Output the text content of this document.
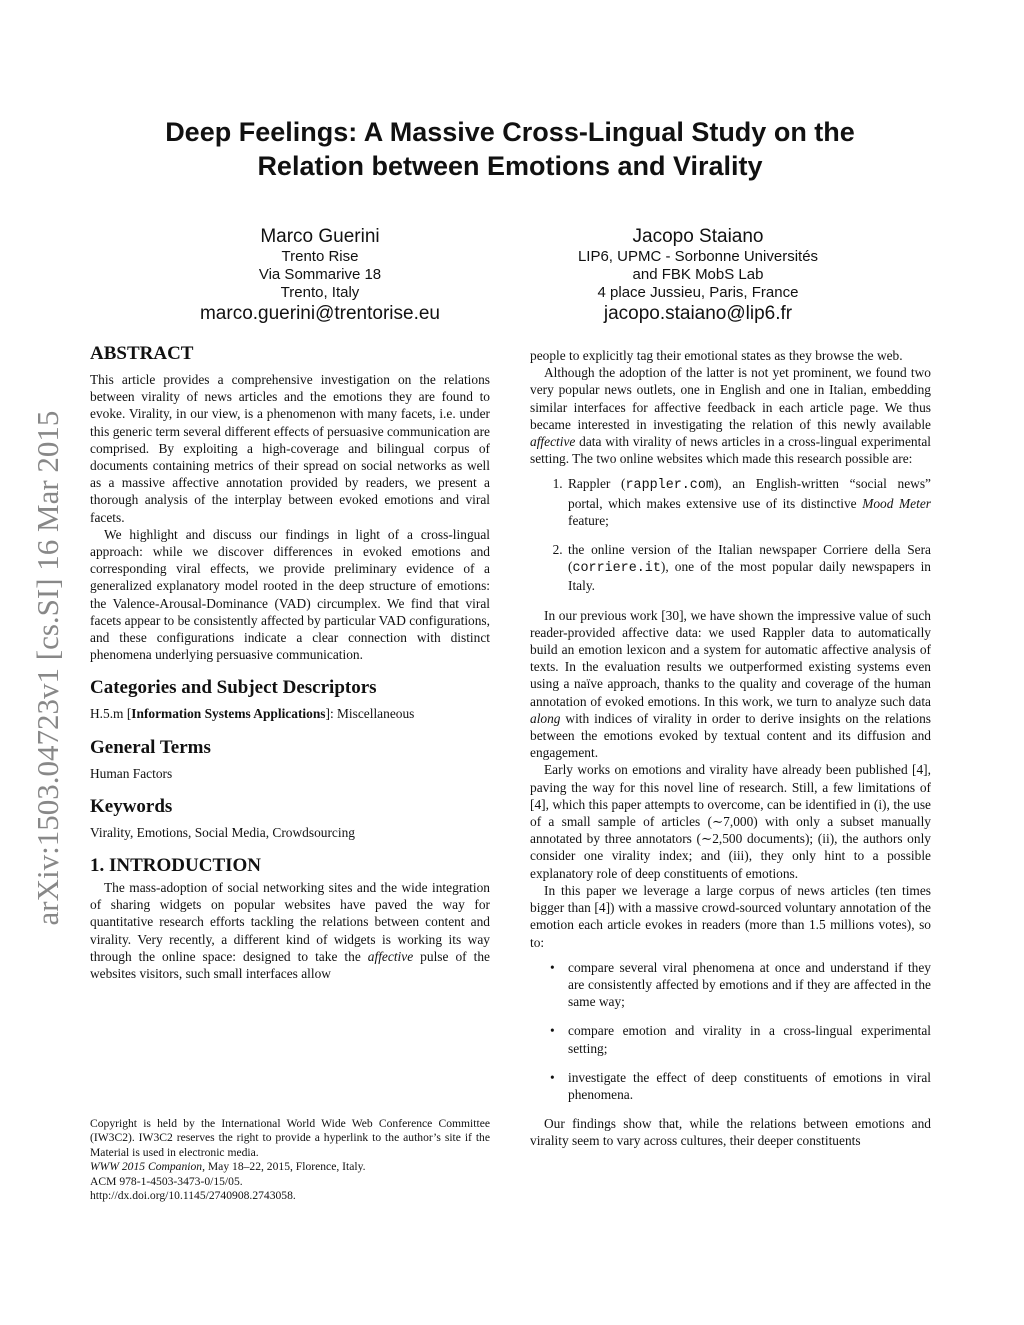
Deep Feelings: A Massive Cross-Lingual Study on the
Relation between Emotions and Virality
Marco Guerini
Trento Rise
Via Sommarive 18
Trento, Italy
marco.guerini@trentorise.eu
Jacopo Staiano
LIP6, UPMC - Sorbonne Universités
and FBK MobS Lab
4 place Jussieu, Paris, France
jacopo.staiano@lip6.fr
arXiv:1503.04723v1 [cs.SI] 16 Mar 2015
ABSTRACT

This article provides a comprehensive investigation on the relations between virality of news articles and the emotions they are found to evoke. Virality, in our view, is a phenomenon with many facets, i.e. under this generic term several different effects of persuasive communication are comprised. By exploiting a high-coverage and bilingual corpus of documents containing metrics of their spread on social networks as well as a massive affective annotation provided by readers, we present a thorough analysis of the interplay between evoked emotions and viral facets.

We highlight and discuss our findings in light of a cross-lingual approach: while we discover differences in evoked emotions and corresponding viral effects, we provide preliminary evidence of a generalized explanatory model rooted in the deep structure of emotions: the Valence-Arousal-Dominance (VAD) circumplex. We find that viral facets appear to be consistently affected by particular VAD configurations, and these configurations indicate a clear connection with distinct phenomena underlying persuasive communication.

Categories and Subject Descriptors

H.5.m [Information Systems Applications]: Miscellaneous

General Terms

Human Factors

Keywords

Virality, Emotions, Social Media, Crowdsourcing

1. INTRODUCTION

The mass-adoption of social networking sites and the wide integration of sharing widgets on popular websites have paved the way for quantitative research efforts tackling the relations between content and virality. Very recently, a different kind of widgets is working its way through the online space: designed to take the affective pulse of the websites visitors, such small interfaces allow

Copyright is held by the International World Wide Web Conference Committee (IW3C2). IW3C2 reserves the right to provide a hyperlink to the author’s site if the Material is used in electronic media.

WWW 2015 Companion, May 18–22, 2015, Florence, Italy.

ACM 978-1-4503-3473-0/15/05.

http://dx.doi.org/10.1145/2740908.2743058.

people to explicitly tag their emotional states as they browse the web.

Although the adoption of the latter is not yet prominent, we found two very popular news outlets, one in English and one in Italian, embedding similar interfaces for affective feedback in each article page. We thus became interested in investigating the relation of this newly available affective data with virality of news articles in a cross-lingual experimental setting. The two online websites which made this research possible are:

1. Rappler (rappler.com), an English-written “social news” portal, which makes extensive use of its distinctive Mood Meter feature;
2. the online version of the Italian newspaper Corriere della Sera (corriere.it), one of the most popular daily newspapers in Italy.

In our previous work [30], we have shown the impressive value of such reader-provided affective data: we used Rappler data to automatically build an emotion lexicon and a system for automatic affective analysis of texts. In the evaluation results we outperformed existing systems even using a naïve approach, thanks to the quality and coverage of the human annotation of evoked emotions. In this work, we turn to analyze such data along with indices of virality in order to derive insights on the relations between the emotions evoked by textual content and its diffusion and engagement.

Early works on emotions and virality have already been published [4], paving the way for this novel line of research. Still, a few limitations of [4], which this paper attempts to overcome, can be identified in (i), the use of a small sample of articles (∼7,000) with only a subset manually annotated by three annotators (∼2,500 documents); (ii), the authors only consider one virality index; and (iii), they only hint to a possible explanatory role of deep constituents of emotions.

In this paper we leverage a large corpus of news articles (ten times bigger than [4]) with a massive crowd-sourced voluntary annotation of the emotion each article evokes in readers (more than 1.5 millions votes), so to:

• compare several viral phenomena at once and understand if they are consistently affected by emotions and if they are affected in the same way;
• compare emotion and virality in a cross-lingual experimental setting;
• investigate the effect of deep constituents of emotions in viral phenomena.

Our findings show that, while the relations between emotions and virality seem to vary across cultures, their deeper constituents
